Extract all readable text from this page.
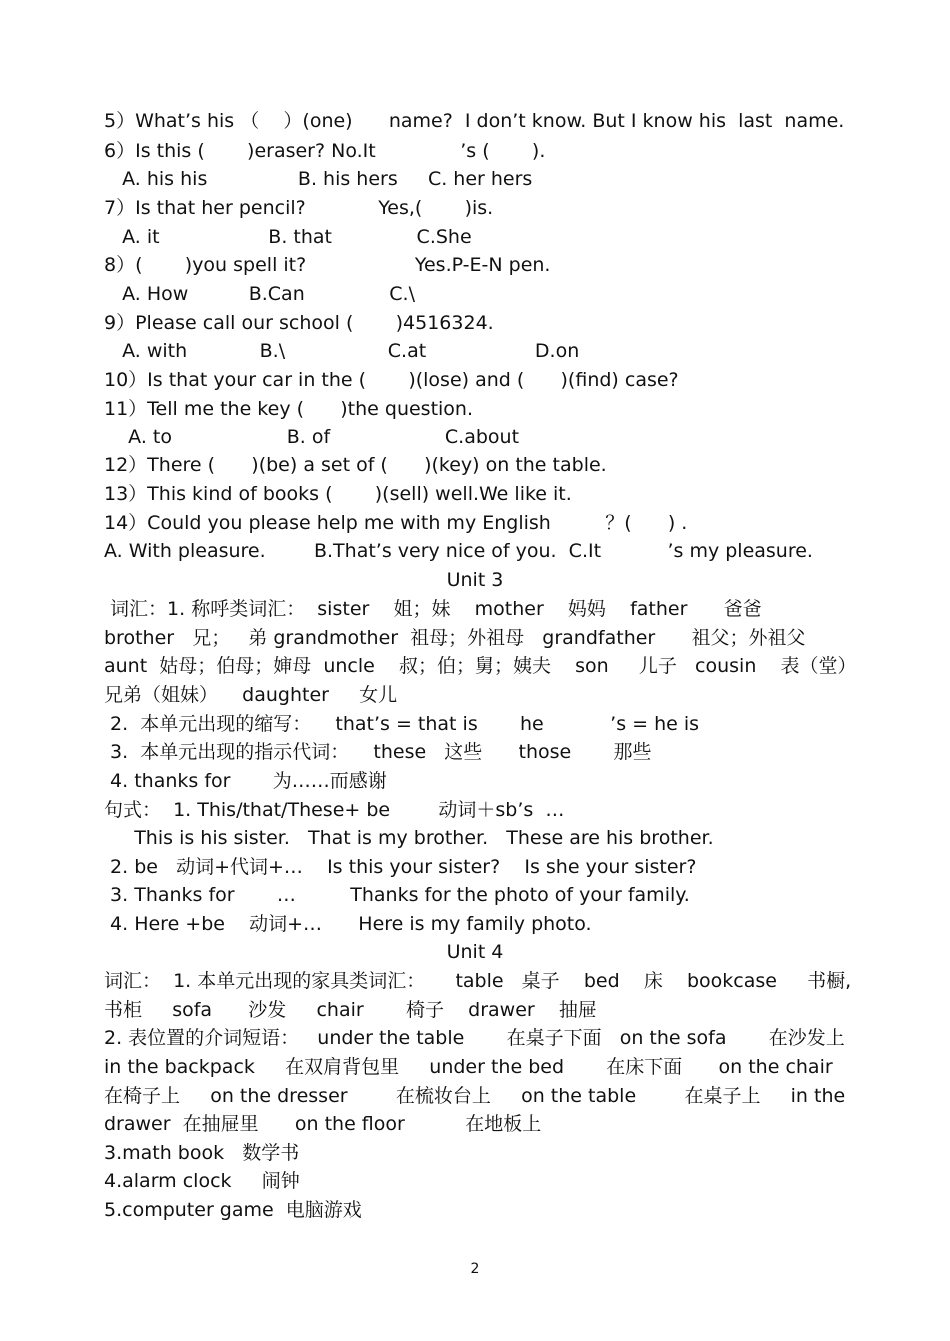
5）What’s his （    ）(one)      name?  I don’t know. But I know his  last  name.
6）Is this (       )eraser? No.It              ’s (       ).
A. his his               B. his hers     C. her hers
7）Is that her pencil?            Yes,(       )is.
A. it                  B. that              C.She
8）(       )you spell it?                  Yes.P-E-N pen.
A. How          B.Can              C.\
9）Please call our school (       )4516324.
A. with            B.\                 C.at                  D.on
10）Is that your car in the (       )(lose) and (      )(find) case?
11）Tell me the key (      )the question.
A. to                   B. of                   C.about
12）There (      )(be) a set of (      )(key) on the table.
13）This kind of books (       )(sell) well.We like it.
14）Could you please help me with my English         ？(      ) .
A. With pleasure.        B.That’s very nice of you.  C.It           ’s my pleasure.
Unit 3
词汇：1. 称呼类词汇：  sister    姐；妹    mother    妈妈    father      爸爸
brother   兄；   弟 grandmother  祖母；外祖母   grandfather      祖父；外祖父
aunt  姑母；伯母；婶母  uncle    叔；伯；舅；姨夫    son     儿子   cousin    表（堂）
兄弟（姐妹）    daughter     女儿
2.  本单元出现的缩写：    that’s = that is       he           ’s = he is
3.  本单元出现的指示代词：    these   这些      those       那些
4. thanks for       为……而感谢
句式：  1. This/that/These+ be        动词＋sb’s  …
This is his sister.   That is my brother.   These are his brother.
2. be   动词+代词+…    Is this your sister?    Is she your sister?
3. Thanks for       …         Thanks for the photo of your family.
4. Here +be    动词+…      Here is my family photo.
Unit 4
词汇：  1. 本单元出现的家具类词汇：     table   桌子    bed    床    bookcase     书橱,
书柜     sofa      沙发     chair       椅子    drawer    抽屉
2. 表位置的介词短语：   under the table       在桌子下面   on the sofa       在沙发上
in the backpack     在双肩背包里     under the bed       在床下面      on the chair
在椅子上     on the dresser        在梳妆台上     on the table        在桌子上     in the
drawer  在抽屉里      on the floor          在地板上
3.math book   数学书
4.alarm clock     闹钟
5.computer game  电脑游戏
2
